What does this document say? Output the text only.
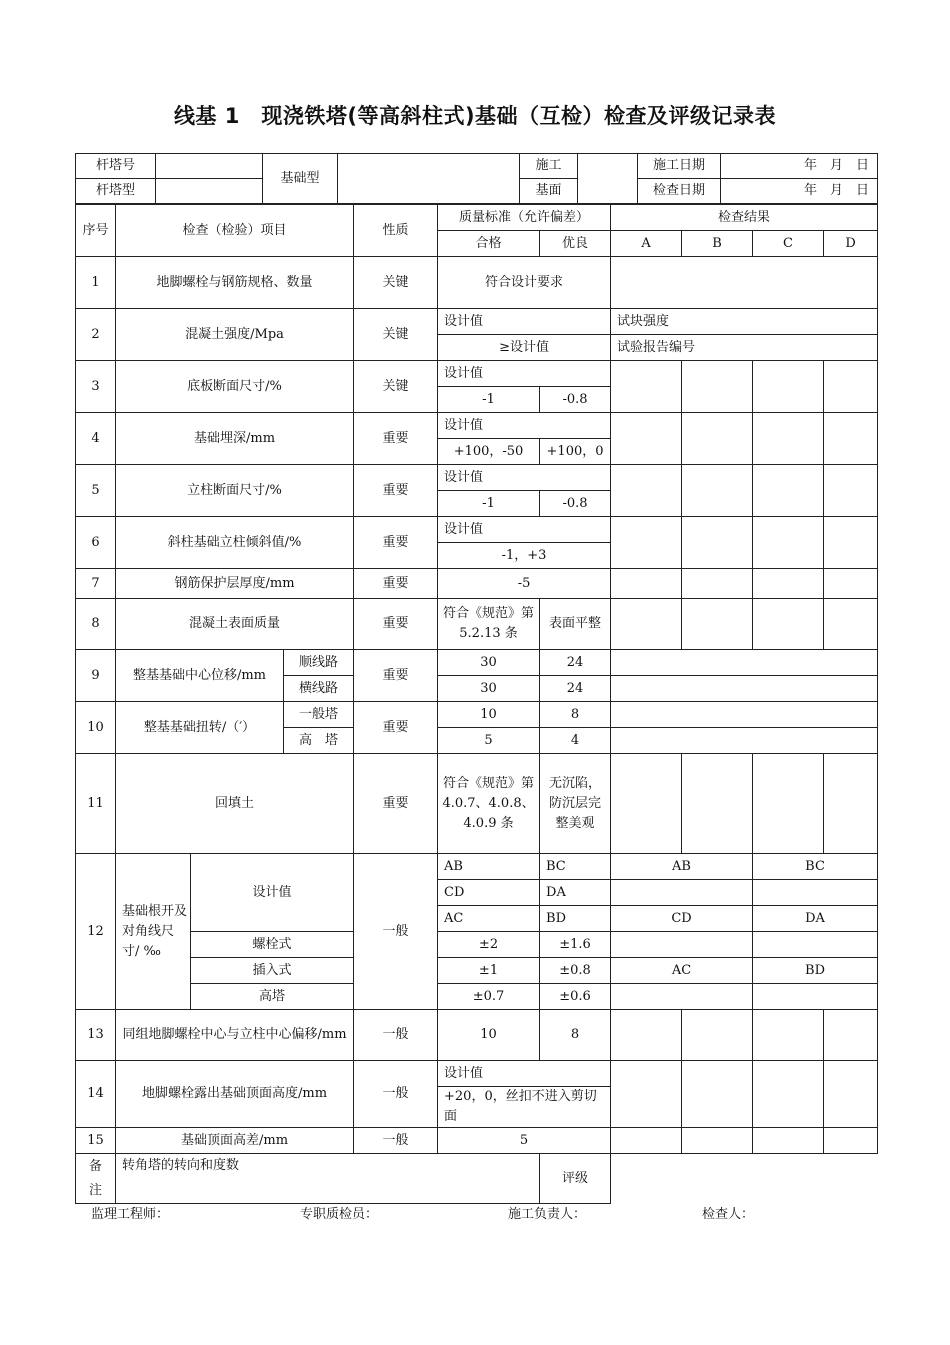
线基 1　现浇铁塔(等高斜柱式)基础（互检）检查及评级记录表
杆塔号		基础型		施工		施工日期	年　月　日
杆塔型				基面		检查日期	年　月　日
序号	检查（检验）项目			性质	质量标准（允许偏差）		检查结果	
					合格	优良	A	B	C	D	
1	地脚螺栓与钢筋规格、数量			关键	符合设计要求						
2	混凝土强度/Mpa			关键	设计值		试块强度				
					≥设计值		试验报告编号				
3	底板断面尺寸/%			关键	设计值						
					-1	-0.8					
4	基础埋深/mm			重要	设计值						
					+100，-50	+100，0					
5	立柱断面尺寸/%			重要	设计值						
					-1	-0.8					
6	斜柱基础立柱倾斜值/%			重要	设计值						
					-1，+3						
7	钢筋保护层厚度/mm			重要	-5						
8	混凝土表面质量			重要	符合《规范》第 5.2.13 条	表面平整					
9	整基基础中心位移/mm		顺线路	重要	30	24					
			横线路		30	24					
10	整基基础扭转/（′）		一般塔	重要	10	8					
			高　塔		5	4					
11	回填土			重要	符合《规范》第 4.0.7、4.0.8、4.0.9 条	无沉陷，防沉层完整美观					
12	基础根开及对角线尺寸/ ‰	设计值		一般	AB	BC	AB		BC		
					CD	DA					
					AC	BD	CD		DA		
		螺栓式			±2	±1.6					
		插入式			±1	±0.8	AC		BD		
		高塔			±0.7	±0.6					
13	同组地脚螺栓中心与立柱中心偏移/mm			一般	10	8					
14	地脚螺栓露出基础顶面高度/mm			一般	设计值						
					+20，0，丝扣不进入剪切面						
15	基础顶面高差/mm			一般	5						
备注	转角塔的转向和度数					评级					
监理工程师：	专职质检员：	施工负责人：	检查人：
